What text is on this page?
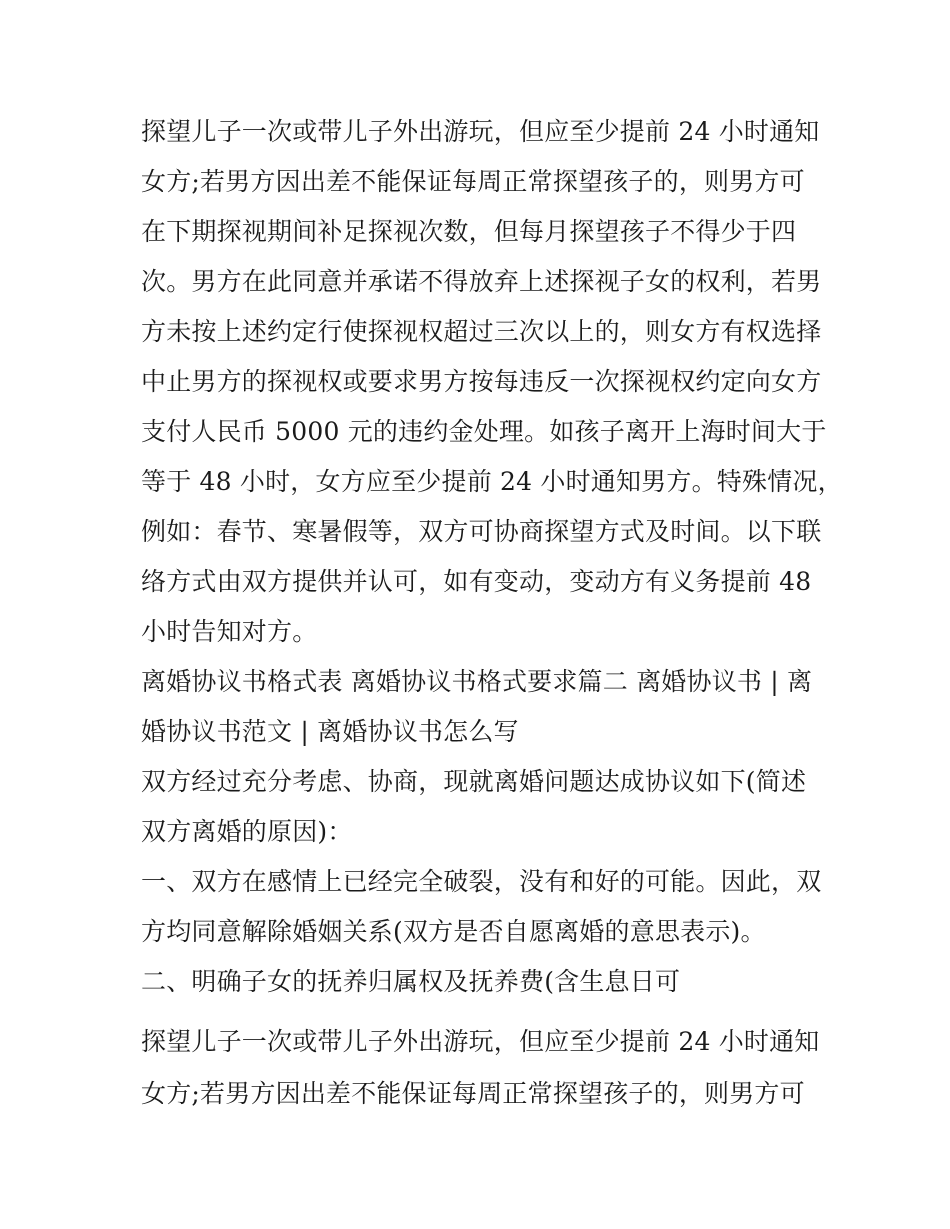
探望儿子一次或带儿子外出游玩，但应至少提前 24 小时通知
女方;若男方因出差不能保证每周正常探望孩子的，则男方可
在下期探视期间补足探视次数，但每月探望孩子不得少于四
次。男方在此同意并承诺不得放弃上述探视子女的权利，若男
方未按上述约定行使探视权超过三次以上的，则女方有权选择
中止男方的探视权或要求男方按每违反一次探视权约定向女方
支付人民币 5000 元的违约金处理。如孩子离开上海时间大于
等于 48 小时，女方应至少提前 24 小时通知男方。特殊情况，
例如：春节、寒暑假等，双方可协商探望方式及时间。以下联
络方式由双方提供并认可，如有变动，变动方有义务提前 48
小时告知对方。
离婚协议书格式表 离婚协议书格式要求篇二 离婚协议书 | 离
婚协议书范文 | 离婚协议书怎么写
双方经过充分考虑、协商，现就离婚问题达成协议如下(简述
双方离婚的原因)：
一、双方在感情上已经完全破裂，没有和好的可能。因此，双
方均同意解除婚姻关系(双方是否自愿离婚的意思表示)。
二、明确子女的抚养归属权及抚养费(含生息日可
探望儿子一次或带儿子外出游玩，但应至少提前 24 小时通知
女方;若男方因出差不能保证每周正常探望孩子的，则男方可
